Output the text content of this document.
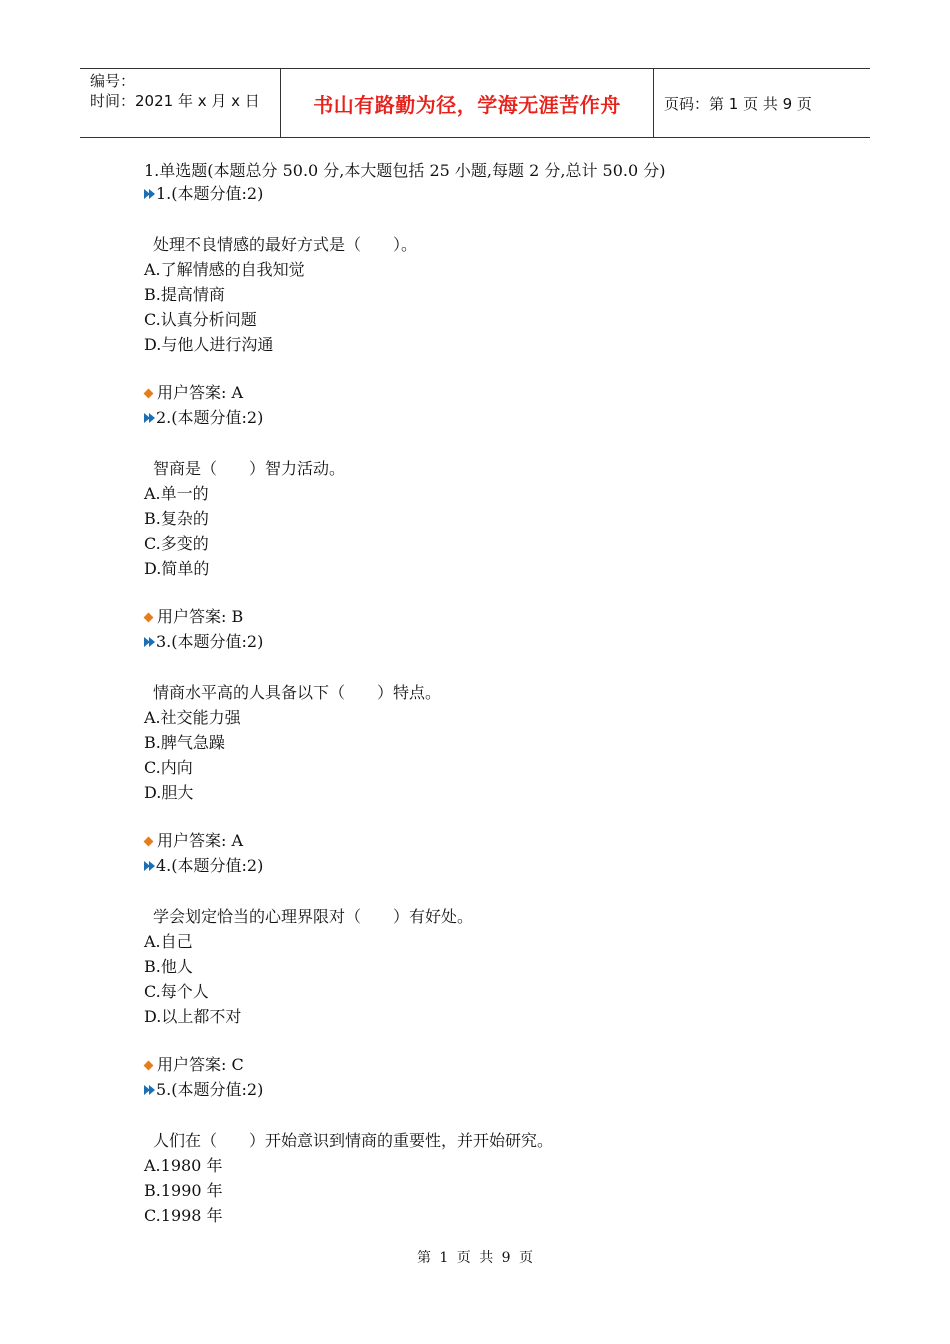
编号：
时间：2021 年 x 月 x 日	书山有路勤为径，学海无涯苦作舟	页码：第 1 页 共 9 页
1.单选题(本题总分 50.0 分,本大题包括 25 小题,每题 2 分,总计 50.0 分)
1.(本题分值:2)
处理不良情感的最好方式是（　　）。
A.了解情感的自我知觉
B.提高情商
C.认真分析问题
D.与他人进行沟通
用户答案: A
2.(本题分值:2)
智商是（　　）智力活动。
A.单一的
B.复杂的
C.多变的
D.简单的
用户答案: B
3.(本题分值:2)
情商水平高的人具备以下（　　）特点。
A.社交能力强
B.脾气急躁
C.内向
D.胆大
用户答案: A
4.(本题分值:2)
学会划定恰当的心理界限对（　　）有好处。
A.自己
B.他人
C.每个人
D.以上都不对
用户答案: C
5.(本题分值:2)
人们在（　　）开始意识到情商的重要性，并开始研究。
A.1980 年
B.1990 年
C.1998 年
第 1 页 共 9 页
